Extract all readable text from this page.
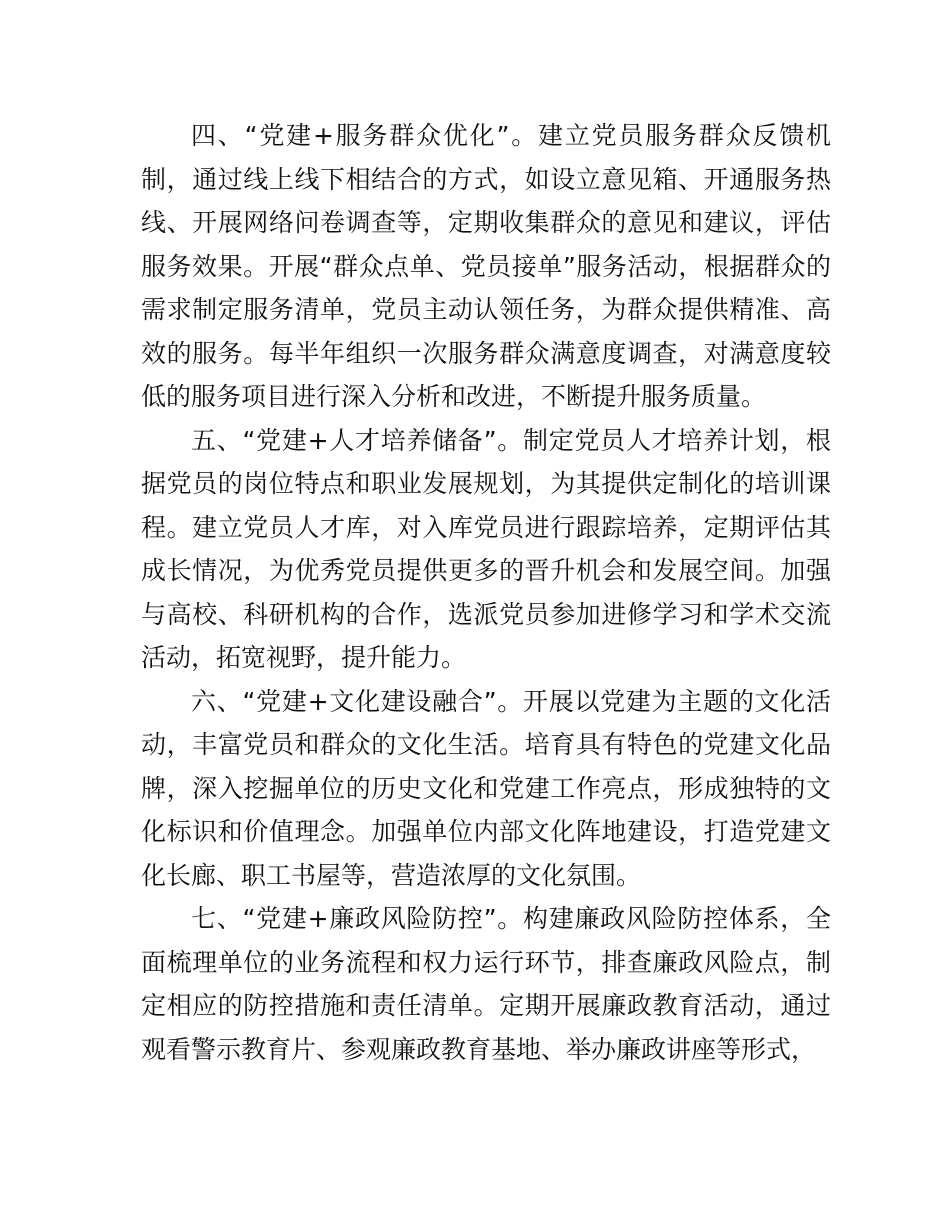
四、“党建+服务群众优化”。建立党员服务群众反馈机制，通过线上线下相结合的方式，如设立意见箱、开通服务热线、开展网络问卷调查等，定期收集群众的意见和建议，评估服务效果。开展“群众点单、党员接单”服务活动，根据群众的需求制定服务清单，党员主动认领任务，为群众提供精准、高效的服务。每半年组织一次服务群众满意度调查，对满意度较低的服务项目进行深入分析和改进，不断提升服务质量。

五、“党建+人才培养储备”。制定党员人才培养计划，根据党员的岗位特点和职业发展规划，为其提供定制化的培训课程。建立党员人才库，对入库党员进行跟踪培养，定期评估其成长情况，为优秀党员提供更多的晋升机会和发展空间。加强与高校、科研机构的合作，选派党员参加进修学习和学术交流活动，拓宽视野，提升能力。

六、“党建+文化建设融合”。开展以党建为主题的文化活动，丰富党员和群众的文化生活。培育具有特色的党建文化品牌，深入挖掘单位的历史文化和党建工作亮点，形成独特的文化标识和价值理念。加强单位内部文化阵地建设，打造党建文化长廊、职工书屋等，营造浓厚的文化氛围。

七、“党建+廉政风险防控”。构建廉政风险防控体系，全面梳理单位的业务流程和权力运行环节，排查廉政风险点，制定相应的防控措施和责任清单。定期开展廉政教育活动，通过观看警示教育片、参观廉政教育基地、举办廉政讲座等形式，
